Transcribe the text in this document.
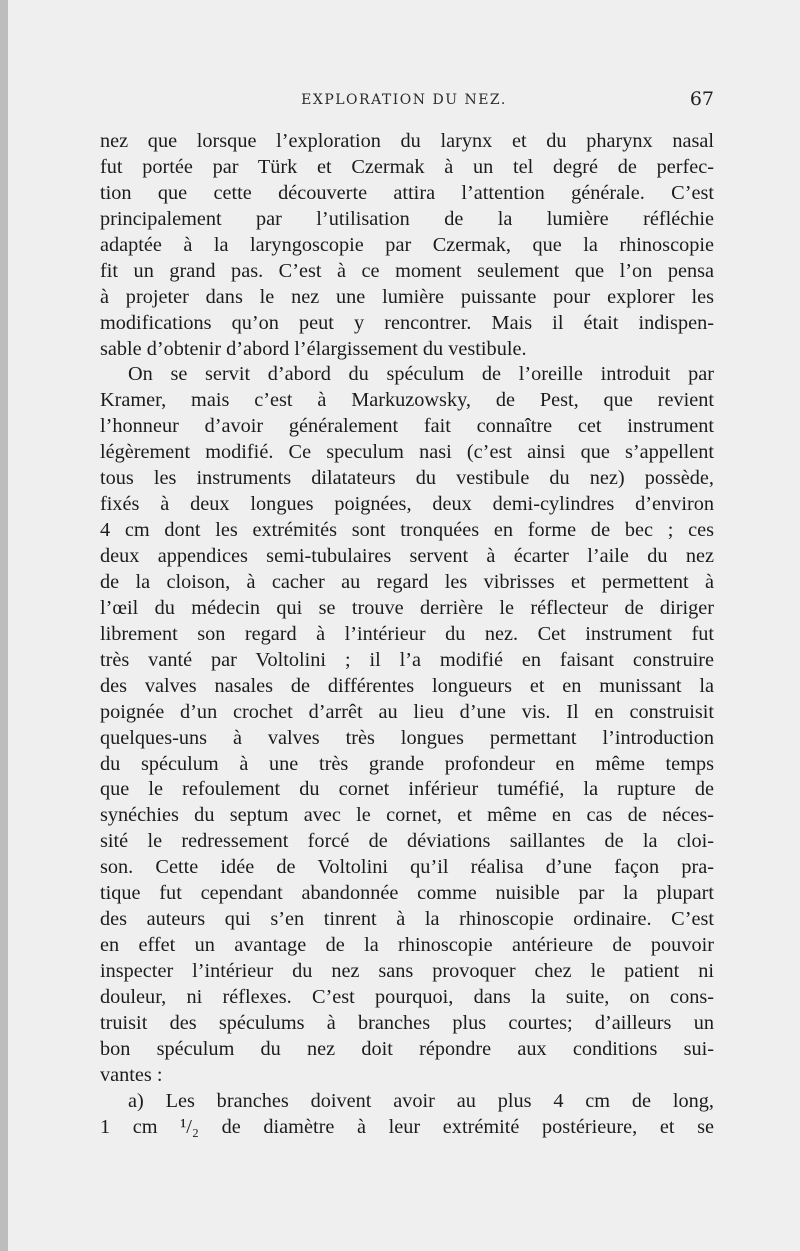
EXPLORATION DU NEZ.	67
nez que lorsque l’exploration du larynx et du pharynx nasal
fut portée par Türk et Czermak à un tel degré de perfec-
tion que cette découverte attira l’attention générale. C’est
principalement par l’utilisation de la lumière réfléchie
adaptée à la laryngoscopie par Czermak, que la rhinoscopie
fit un grand pas. C’est à ce moment seulement que l’on pensa
à projeter dans le nez une lumière puissante pour explorer les
modifications qu’on peut y rencontrer. Mais il était indispen-
sable d’obtenir d’abord l’élargissement du vestibule.
On se servit d’abord du spéculum de l’oreille introduit par
Kramer, mais c’est à Markuzowsky, de Pest, que revient
l’honneur d’avoir généralement fait connaître cet instrument
légèrement modifié. Ce speculum nasi (c’est ainsi que s’appellent
tous les instruments dilatateurs du vestibule du nez) possède,
fixés à deux longues poignées, deux demi-cylindres d’environ
4 cm dont les extrémités sont tronquées en forme de bec ; ces
deux appendices semi-tubulaires servent à écarter l’aile du nez
de la cloison, à cacher au regard les vibrisses et permettent à
l’œil du médecin qui se trouve derrière le réflecteur de diriger
librement son regard à l’intérieur du nez. Cet instrument fut
très vanté par Voltolini ; il l’a modifié en faisant construire
des valves nasales de différentes longueurs et en munissant la
poignée d’un crochet d’arrêt au lieu d’une vis. Il en construisit
quelques-uns à valves très longues permettant l’introduction
du spéculum à une très grande profondeur en même temps
que le refoulement du cornet inférieur tuméfié, la rupture de
synéchies du septum avec le cornet, et même en cas de néces-
sité le redressement forcé de déviations saillantes de la cloi-
son. Cette idée de Voltolini qu’il réalisa d’une façon pra-
tique fut cependant abandonnée comme nuisible par la plupart
des auteurs qui s’en tinrent à la rhinoscopie ordinaire. C’est
en effet un avantage de la rhinoscopie antérieure de pouvoir
inspecter l’intérieur du nez sans provoquer chez le patient ni
douleur, ni réflexes. C’est pourquoi, dans la suite, on cons-
truisit des spéculums à branches plus courtes; d’ailleurs un
bon spéculum du nez doit répondre aux conditions sui-
vantes :
a) Les branches doivent avoir au plus 4 cm de long,
1 cm ¹/₂ de diamètre à leur extrémité postérieure, et se
